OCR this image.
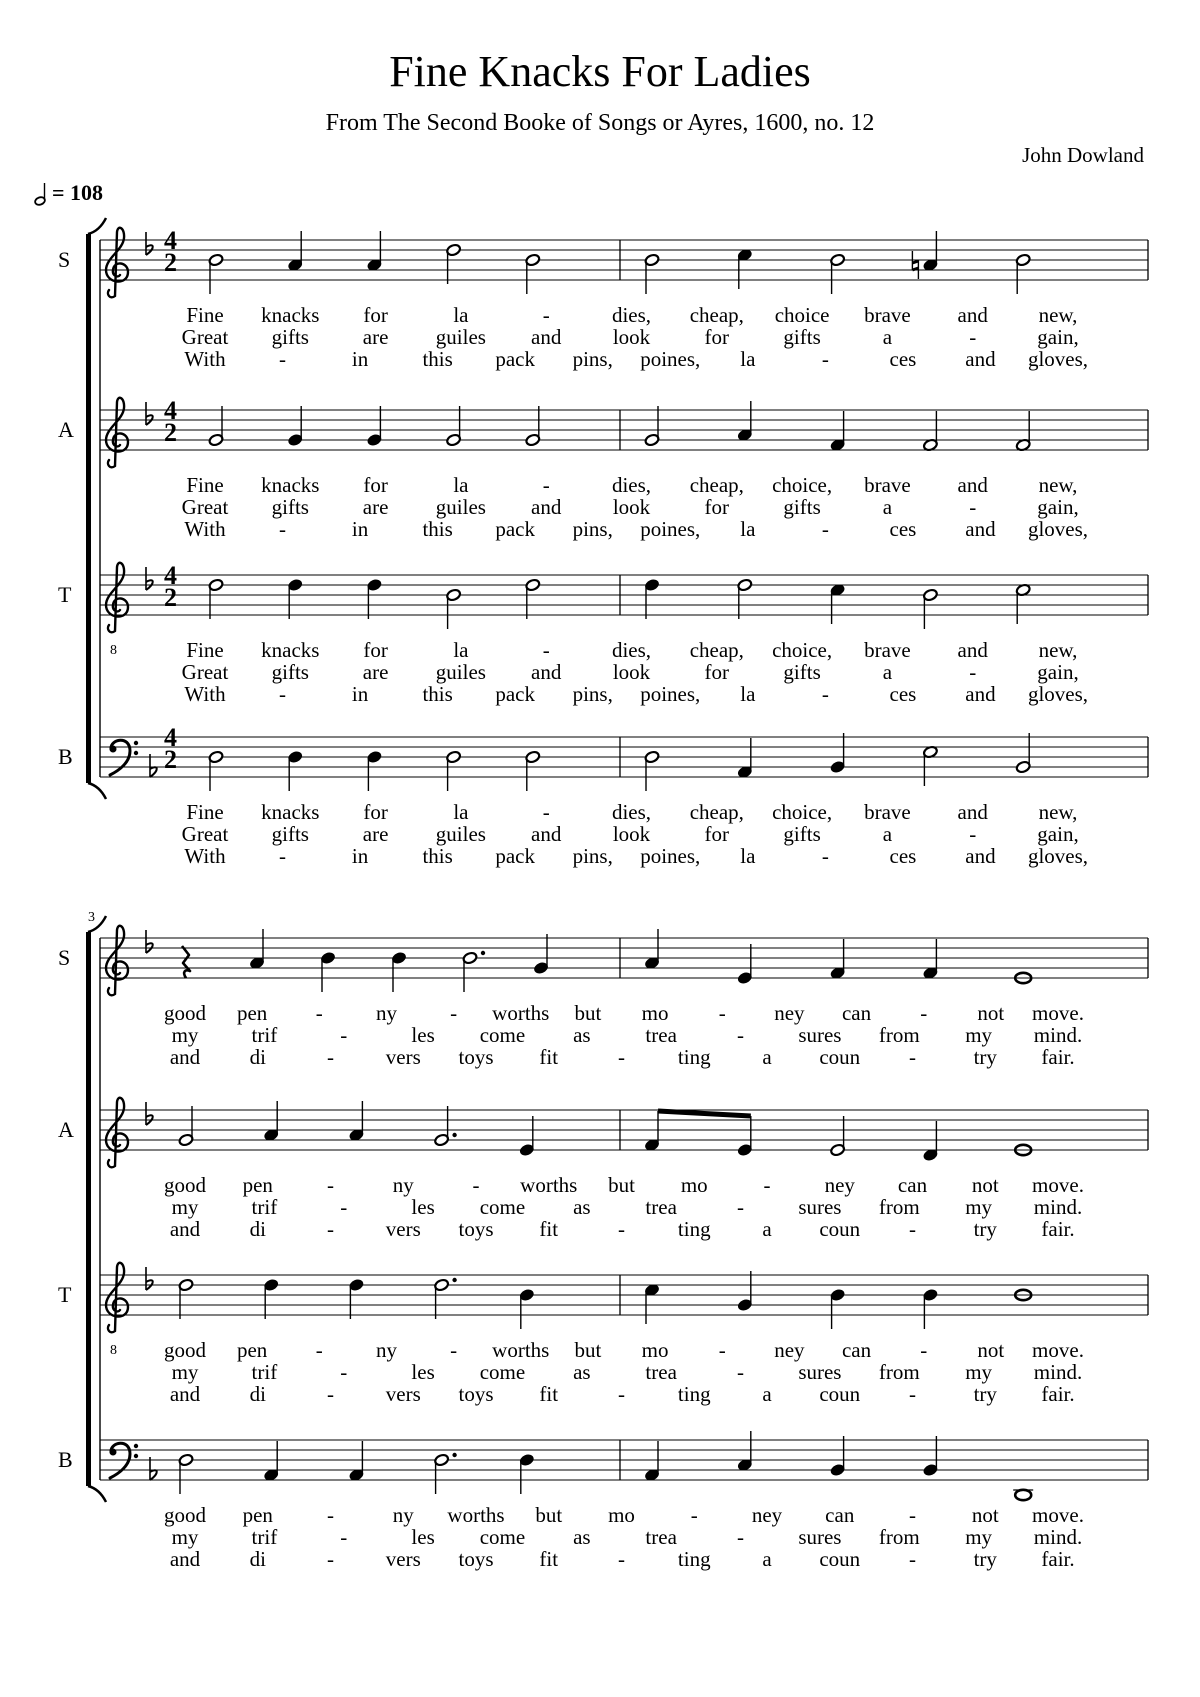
Fine Knacks For Ladies
From The Second Booke of Songs or Ayres, 1600, no. 12
John Dowland
= 108
S
4
2
Fine knacks for	la	-	dies, cheap, choice brave and new,
Great gifts	are guiles and look	for	gifts	a	-	gain,
With	-	in	this pack pins, poines, la	-	ces and gloves,
A
4
2
Fine knacks for	la	-	dies, cheap, choice, brave and new,
Great gifts	are guiles and look	for	gifts	a	-	gain,
With	-	in	this pack pins, poines, la	-	ces and gloves,
T
8
4
2
Fine knacks for	la	-	dies, cheap, choice, brave and new,
Great gifts	are guiles and look	for	gifts	a	-	gain,
With	-	in	this pack pins, poines, la	-	ces and gloves,
B
4
2
Fine knacks for	la	-	dies, cheap, choice, brave and new,
Great gifts	are guiles and look	for	gifts	a	-	gain,
With	-	in	this pack pins, poines, la	-	ces and gloves,
3
S
good pen -	ny	- worths but mo - ney can - not move.
my	trif	-	les come as	trea	-	sures from my mind.
and di	- vers toys fit	-	ting a coun -	try fair.
A
good pen	-	ny	- worths but mo	-	ney can not move.
my	trif	-	les come as	trea	-	sures from my mind.
and di	- vers toys fit	-	ting a coun -	try fair.
T
8 good pen -	ny	- worths but mo - ney can - not move.
my	trif	-	les come as	trea	-	sures from my mind.
and di	- vers toys fit	-	ting a coun -	try fair.
B
good pen	-	ny worths but mo	-	ney can	-	not move.
my	trif	-	les come as	trea	-	sures from my mind.
and di	- vers toys fit	-	ting a coun -	try fair.
